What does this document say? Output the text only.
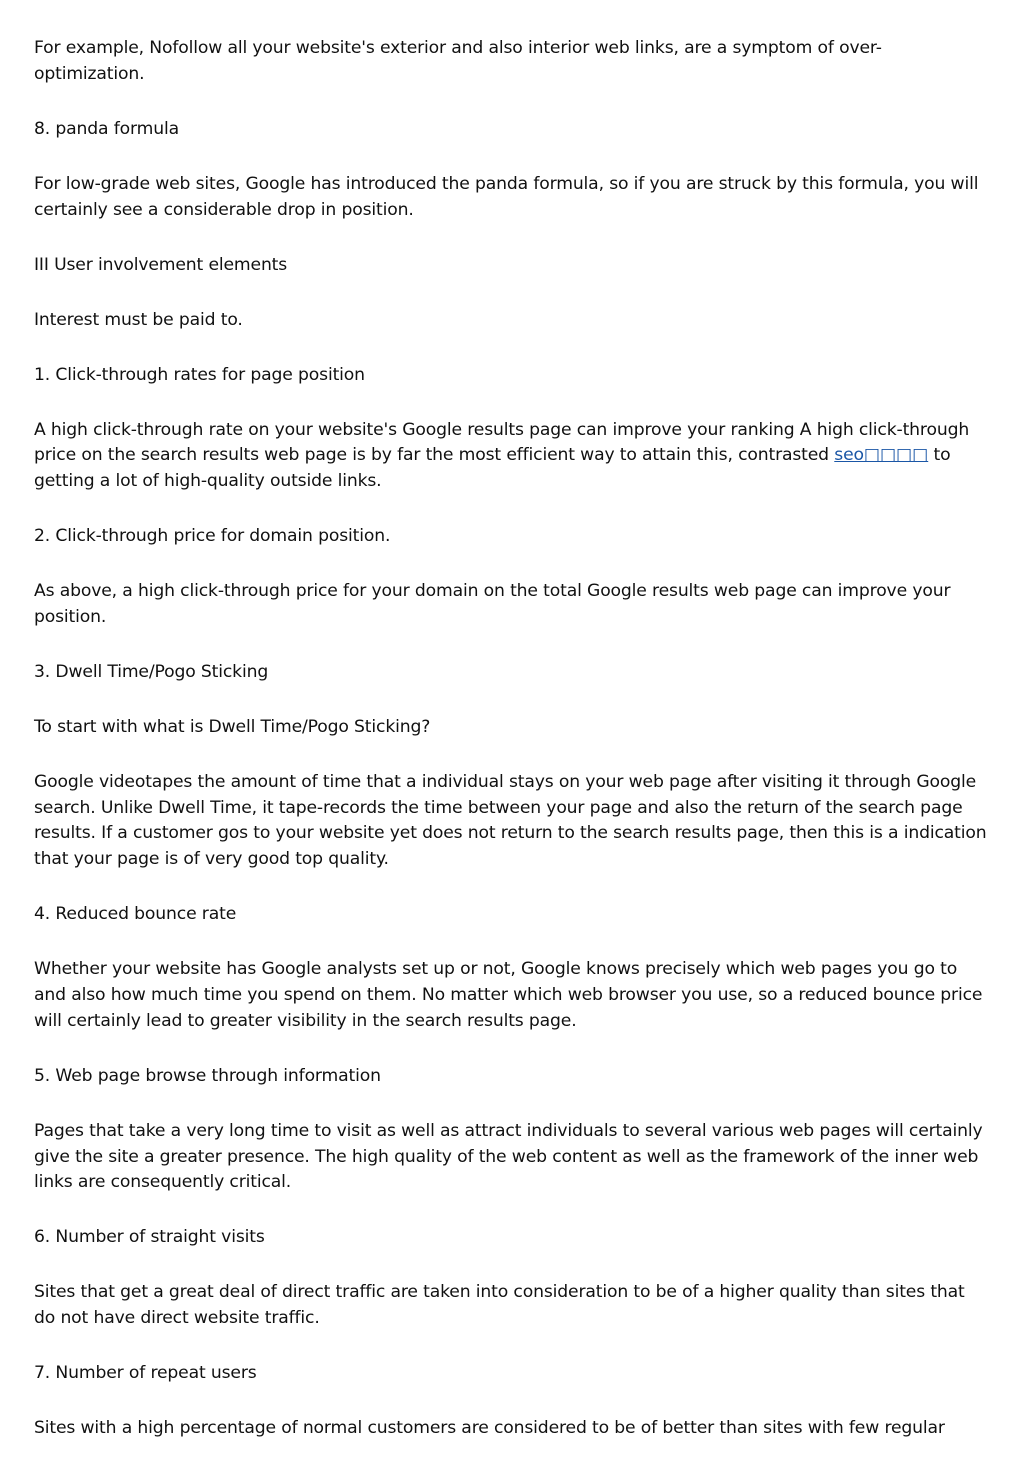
For example, Nofollow all your website's exterior and also interior web links, are a symptom of over-optimization.

8. panda formula

For low-grade web sites, Google has introduced the panda formula, so if you are struck by this formula, you will certainly see a considerable drop in position.

III User involvement elements

Interest must be paid to.

1. Click-through rates for page position

A high click-through rate on your website's Google results page can improve your ranking A high click-through price on the search results web page is by far the most efficient way to attain this, contrasted seo□□□□ to getting a lot of high-quality outside links.

2. Click-through price for domain position.

As above, a high click-through price for your domain on the total Google results web page can improve your position.

3. Dwell Time/Pogo Sticking

To start with what is Dwell Time/Pogo Sticking?

Google videotapes the amount of time that a individual stays on your web page after visiting it through Google search. Unlike Dwell Time, it tape-records the time between your page and also the return of the search page results. If a customer gos to your website yet does not return to the search results page, then this is a indication that your page is of very good top quality.

4. Reduced bounce rate

Whether your website has Google analysts set up or not, Google knows precisely which web pages you go to and also how much time you spend on them. No matter which web browser you use, so a reduced bounce price will certainly lead to greater visibility in the search results page.

5. Web page browse through information

Pages that take a very long time to visit as well as attract individuals to several various web pages will certainly give the site a greater presence. The high quality of the web content as well as the framework of the inner web links are consequently critical.

6. Number of straight visits

Sites that get a great deal of direct traffic are taken into consideration to be of a higher quality than sites that do not have direct website traffic.

7. Number of repeat users

Sites with a high percentage of normal customers are considered to be of better than sites with few regular
